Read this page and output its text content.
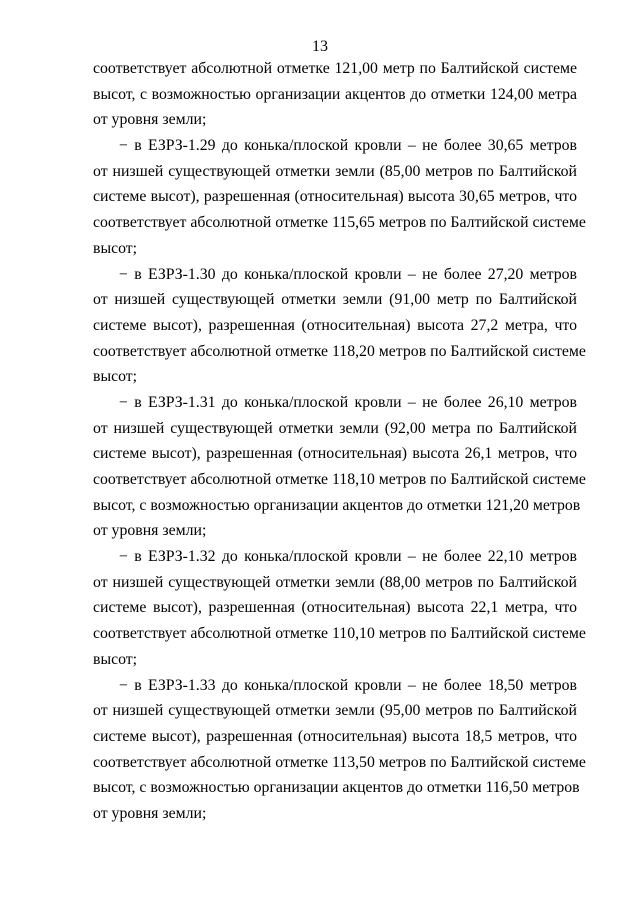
13
соответствует абсолютной отметке 121,00 метр по Балтийской системе
высот, с возможностью организации акцентов до отметки 124,00 метра
от уровня земли;
− в ЕЗРЗ-1.29 до конька/плоской кровли – не более 30,65 метров
от низшей существующей отметки земли (85,00 метров по Балтийской
системе высот), разрешенная (относительная) высота 30,65 метров, что
соответствует абсолютной отметке 115,65 метров по Балтийской системе
высот;
− в ЕЗРЗ-1.30 до конька/плоской кровли – не более 27,20 метров
от низшей существующей отметки земли (91,00 метр по Балтийской
системе высот), разрешенная (относительная) высота 27,2 метра, что
соответствует абсолютной отметке 118,20 метров по Балтийской системе
высот;
− в ЕЗРЗ-1.31 до конька/плоской кровли – не более 26,10 метров
от низшей существующей отметки земли (92,00 метра по Балтийской
системе высот), разрешенная (относительная) высота 26,1 метров, что
соответствует абсолютной отметке 118,10 метров по Балтийской системе
высот, с возможностью организации акцентов до отметки 121,20 метров
от уровня земли;
− в ЕЗРЗ-1.32 до конька/плоской кровли – не более 22,10 метров
от низшей существующей отметки земли (88,00 метров по Балтийской
системе высот), разрешенная (относительная) высота 22,1 метра, что
соответствует абсолютной отметке 110,10 метров по Балтийской системе
высот;
− в ЕЗРЗ-1.33 до конька/плоской кровли – не более 18,50 метров
от низшей существующей отметки земли (95,00 метров по Балтийской
системе высот), разрешенная (относительная) высота 18,5 метров, что
соответствует абсолютной отметке 113,50 метров по Балтийской системе
высот, с возможностью организации акцентов до отметки 116,50 метров
от уровня земли;
